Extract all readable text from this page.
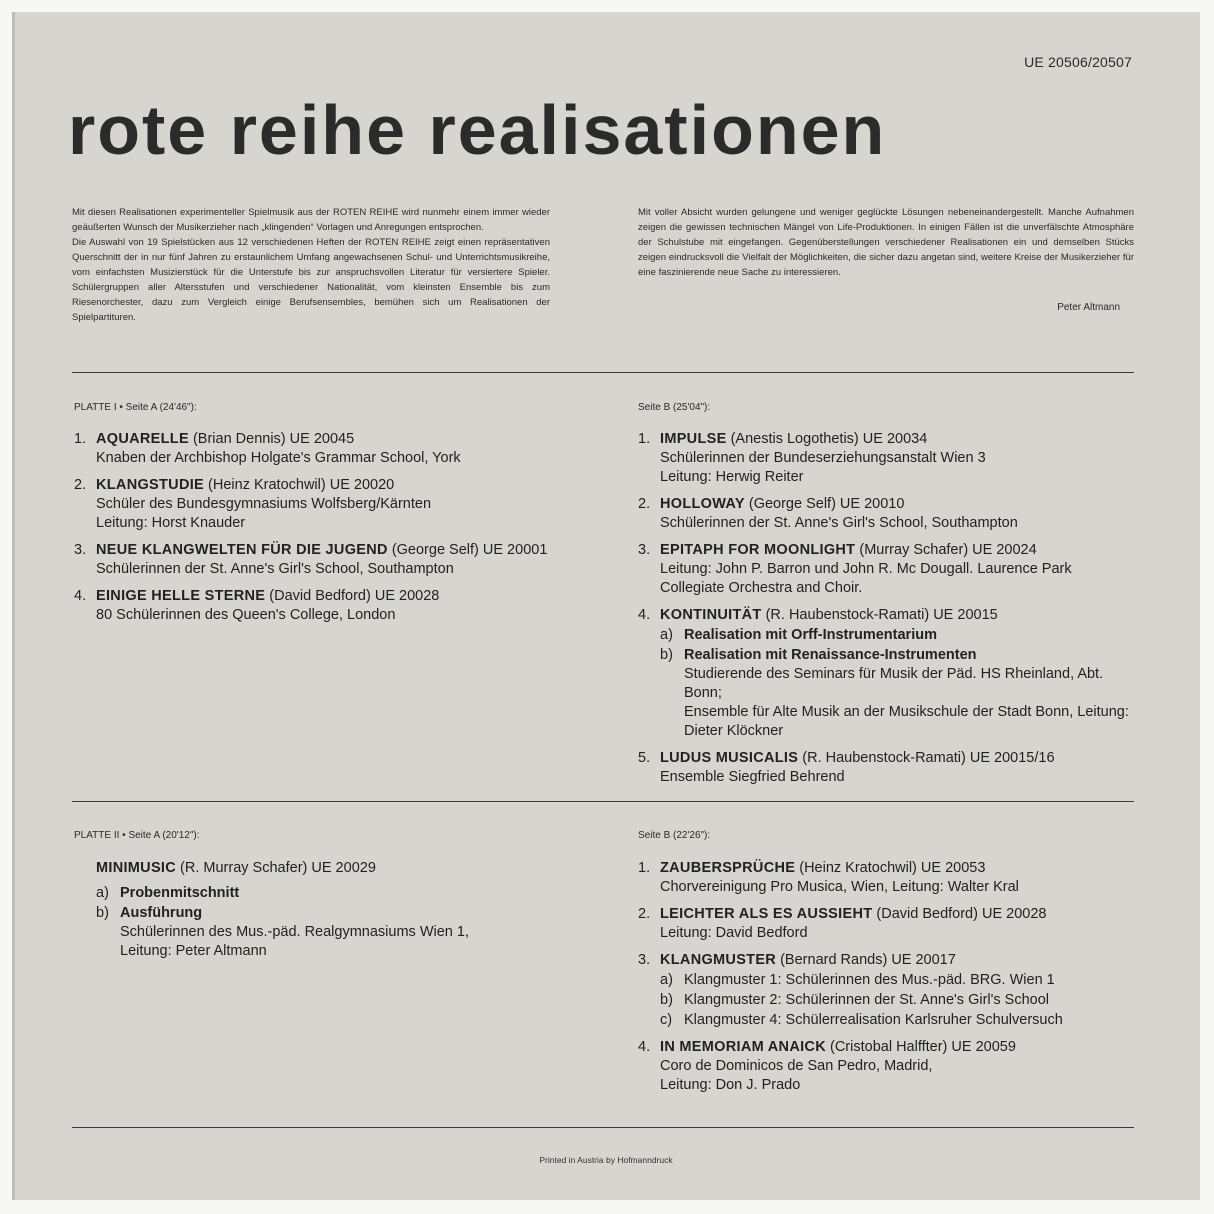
UE 20506/20507
rote reihe realisationen

Mit diesen Realisationen experimenteller Spielmusik aus der ROTEN REIHE wird nunmehr einem immer wieder geäußerten Wunsch der Musikerzieher nach „klingenden“ Vorlagen und Anregungen entsprochen.

Die Auswahl von 19 Spielstücken aus 12 verschiedenen Heften der ROTEN REIHE zeigt einen repräsentativen Querschnitt der in nur fünf Jahren zu erstaunlichem Umfang angewachsenen Schul- und Unterrichtsmusikreihe, vom einfachsten Musizierstück für die Unterstufe bis zur anspruchsvollen Literatur für versiertere Spieler. Schülergruppen aller Altersstufen und verschiedener Nationalität, vom kleinsten Ensemble bis zum Riesenorchester, dazu zum Vergleich einige Berufsensembles, bemühen sich um Realisationen der Spielpartituren.

Mit voller Absicht wurden gelungene und weniger geglückte Lösungen nebeneinandergestellt. Manche Aufnahmen zeigen die gewissen technischen Mängel von Life-Produktionen. In einigen Fällen ist die unverfälschte Atmosphäre der Schulstube mit eingefangen. Gegenüberstellungen verschiedener Realisationen ein und demselben Stücks zeigen eindrucksvoll die Vielfalt der Möglichkeiten, die sicher dazu angetan sind, weitere Kreise der Musikerzieher für eine faszinierende neue Sache zu interessieren.

Peter Altmann
PLATTE I • Seite A (24'46"):
1. AQUARELLE (Brian Dennis) UE 20045
Knaben der Archbishop Holgate's Grammar School, York
2. KLANGSTUDIE (Heinz Kratochwil) UE 20020
Schüler des Bundesgymnasiums Wolfsberg/Kärnten
Leitung: Horst Knauder
3. NEUE KLANGWELTEN FÜR DIE JUGEND (George Self) UE 20001
Schülerinnen der St. Anne's Girl's School, Southampton
4. EINIGE HELLE STERNE (David Bedford) UE 20028
80 Schülerinnen des Queen's College, London
Seite B (25'04"):
1. IMPULSE (Anestis Logothetis) UE 20034
Schülerinnen der Bundeserziehungsanstalt Wien 3
Leitung: Herwig Reiter
2. HOLLOWAY (George Self) UE 20010
Schülerinnen der St. Anne's Girl's School, Southampton
3. EPITAPH FOR MOONLIGHT (Murray Schafer) UE 20024
Leitung: John P. Barron und John R. Mc Dougall. Laurence Park Collegiate Orchestra and Choir.
4. KONTINUITÄT (R. Haubenstock-Ramati) UE 20015
a) Realisation mit Orff-Instrumentarium
b) Realisation mit Renaissance-Instrumenten
Studierende des Seminars für Musik der Päd. HS Rheinland, Abt. Bonn;
Ensemble für Alte Musik an der Musikschule der Stadt Bonn, Leitung: Dieter Klöckner
5. LUDUS MUSICALIS (R. Haubenstock-Ramati) UE 20015/16
Ensemble Siegfried Behrend
PLATTE II • Seite A (20'12"):
MINIMUSIC (R. Murray Schafer) UE 20029
a) Probenmitschnitt
b) Ausführung
Schülerinnen des Mus.-päd. Realgymnasiums Wien 1,
Leitung: Peter Altmann
Seite B (22'26"):
1. ZAUBERSPRÜCHE (Heinz Kratochwil) UE 20053
Chorvereinigung Pro Musica, Wien, Leitung: Walter Kral
2. LEICHTER ALS ES AUSSIEHT (David Bedford) UE 20028
Leitung: David Bedford
3. KLANGMUSTER (Bernard Rands) UE 20017
a) Klangmuster 1: Schülerinnen des Mus.-päd. BRG. Wien 1
b) Klangmuster 2: Schülerinnen der St. Anne's Girl's School
c) Klangmuster 4: Schülerrealisation Karlsruher Schulversuch
4. IN MEMORIAM ANAICK (Cristobal Halffter) UE 20059
Coro de Dominicos de San Pedro, Madrid,
Leitung: Don J. Prado
Printed in Austria by Hofmanndruck
